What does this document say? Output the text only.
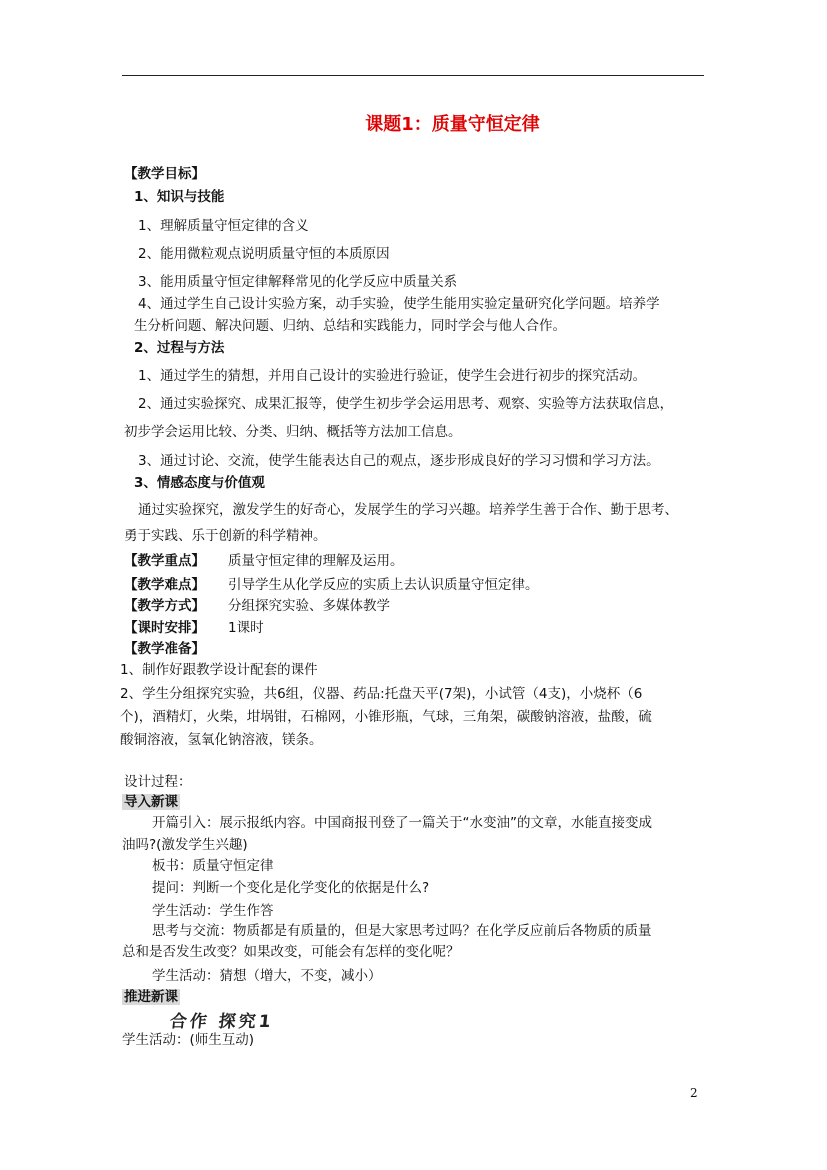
课题1：质量守恒定律
【教学目标】
1、知识与技能
1、理解质量守恒定律的含义
2、能用微粒观点说明质量守恒的本质原因
3、能用质量守恒定律解释常见的化学反应中质量关系
4、通过学生自己设计实验方案，动手实验，使学生能用实验定量研究化学问题。培养学
生分析问题、解决问题、归纳、总结和实践能力，同时学会与他人合作。
2、过程与方法
1、通过学生的猜想，并用自己设计的实验进行验证，使学生会进行初步的探究活动。
2、通过实验探究、成果汇报等，使学生初步学会运用思考、观察、实验等方法获取信息，
初步学会运用比较、分类、归纳、概括等方法加工信息。
3、通过讨论、交流，使学生能表达自己的观点，逐步形成良好的学习习惯和学习方法。
3、情感态度与价值观
通过实验探究，激发学生的好奇心，发展学生的学习兴趣。培养学生善于合作、勤于思考、
勇于实践、乐于创新的科学精神。
【教学重点】 质量守恒定律的理解及运用。
【教学难点】 引导学生从化学反应的实质上去认识质量守恒定律。
【教学方式】 分组探究实验、多媒体教学
【课时安排】 1课时
【教学准备】
1、制作好跟教学设计配套的课件
2、学生分组探究实验，共6组，仪器、药品:托盘天平(7架)，小试管（4支)，小烧杯（6
个)，酒精灯，火柴，坩埚钳，石棉网，小锥形瓶，气球，三角架，碳酸钠溶液，盐酸，硫
酸铜溶液，氢氧化钠溶液，镁条。
设计过程：
导入新课
开篇引入：展示报纸内容。中国商报刊登了一篇关于“水变油”的文章，水能直接变成
油吗?(激发学生兴趣)
板书：质量守恒定律
提问：判断一个变化是化学变化的依据是什么?
学生活动：学生作答
思考与交流：物质都是有质量的，但是大家思考过吗？在化学反应前后各物质的质量
总和是否发生改变？如果改变，可能会有怎样的变化呢？
学生活动：猜想（增大，不变，减小）
推进新课
合作 探究1
学生活动：(师生互动)
2
